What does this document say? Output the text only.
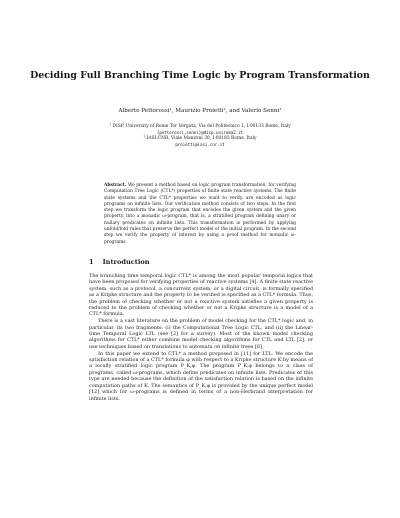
Deciding Full Branching Time Logic by Program Transformation
Alberto Pettorossi¹, Maurizio Proietti², and Valerio Senni¹
¹ DISP, University of Rome Tor Vergata, Via del Politecnico 1, I-00133 Rome, Italy
{pettorossi,senni}@disp.uniroma2.it
² IASI-CNR, Viale Manzoni 30, I-00185 Rome, Italy
proietti@iasi.cnr.it
Abstract. We present a method based on logic program transformation, for verifying Computation Tree Logic (CTL*) properties of finite state reactive systems. The finite state systems and the CTL* properties we want to verify, are encoded as logic programs on infinite lists. Our verification method consists of two steps. In the first step we transform the logic program that encodes the given system and the given property, into a monadic ω-program, that is, a stratified program defining unary or nullary predicates on infinite lists. This transformation is performed by applying unfold/fold rules that preserve the perfect model of the initial program. In the second step we verify the property of interest by using a proof method for monadic ω-programs.
1 Introduction

The branching time temporal logic CTL* is among the most popular temporal logics that have been proposed for verifying properties of reactive systems [4]. A finite state reactive system, such as a protocol, a concurrent system, or a digital circuit, is formally specified as a Kripke structure and the property to be verified is specified as a CTL* formula. Thus, the problem of checking whether or not a reactive system satisfies a given property is reduced to the problem of checking whether or not a Kripke structure is a model of a CTL* formula.

There is a vast literature on the problem of model checking for the CTL* logic and, in particular, its two fragments: (i) the Computational Tree Logic CTL, and (ii) the Linear-time Temporal Logic LTL (see [2] for a survey). Most of the known model checking algorithms for CTL* either combine model checking algorithms for CTL and LTL [2], or use techniques based on translations to automata on infinite trees [6].

In this paper we extend to CTL* a method proposed in [11] for LTL. We encode the satisfaction relation of a CTL* formula φ with respect to a Kripke structure K by means of a locally stratified logic program P_K,φ. The program P_K,φ belongs to a class of programs, called ω-programs, which define predicates on infinite lists. Predicates of this type are needed because the definition of the satisfaction relation is based on the infinite computation paths of K. The semantics of P_K,φ is provided by the unique perfect model [12] which for ω-programs is defined in terms of a non-Herbrand interpretation for infinite lists.
